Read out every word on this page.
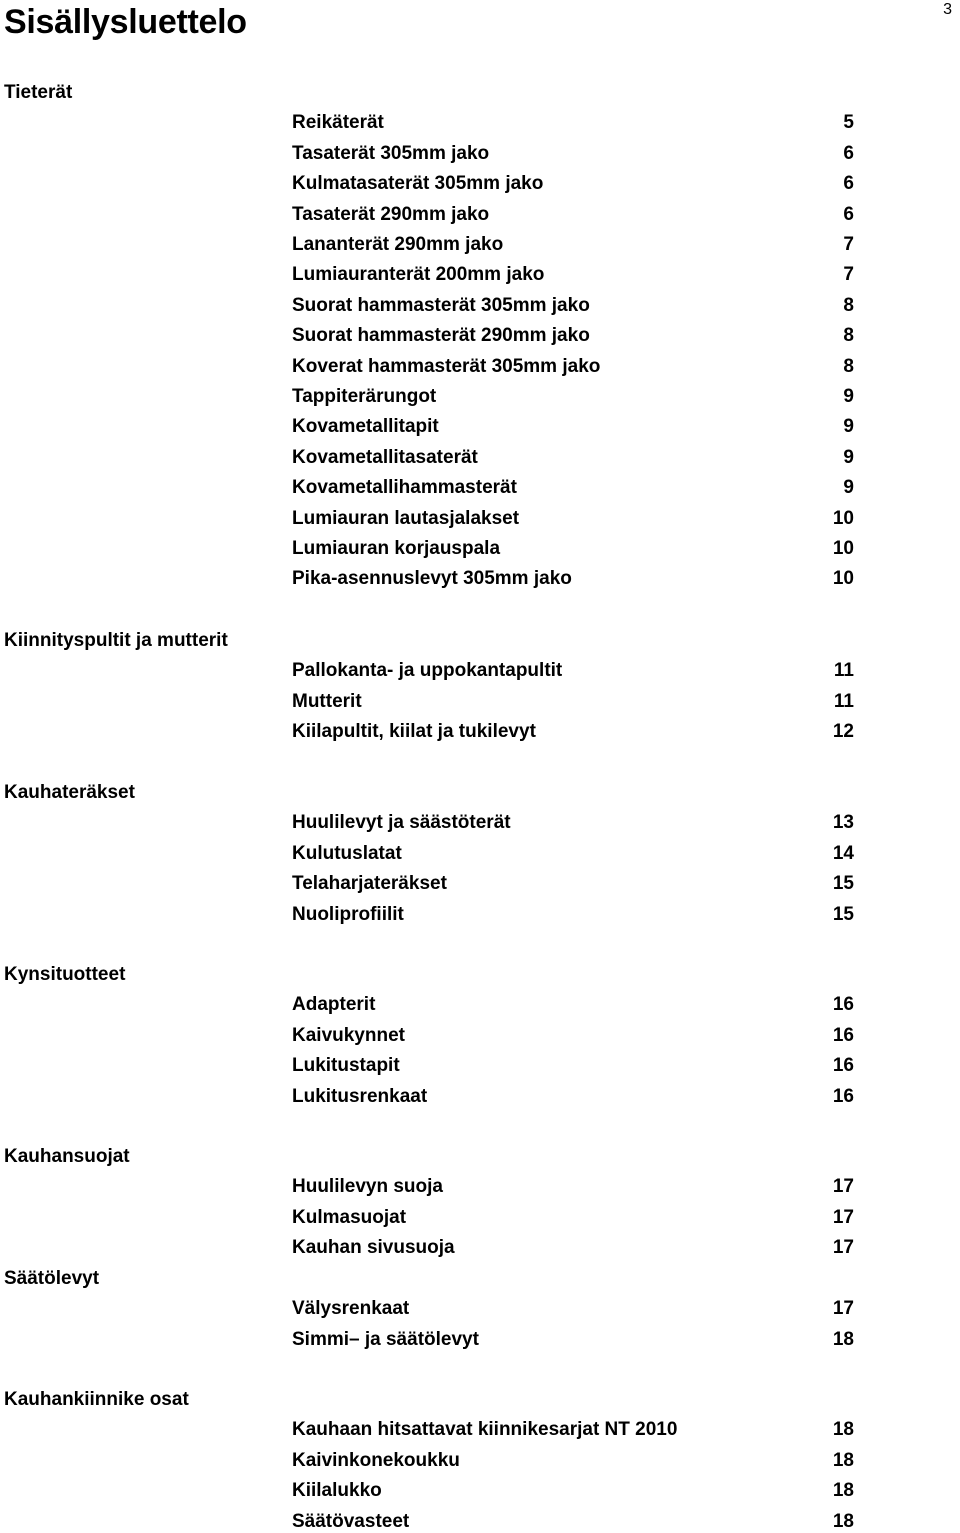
Sisällysluettelo	3
Tieterät
Reikäterät	5
Tasaterät 305mm jako	6
Kulmatasaterät 305mm jako	6
Tasaterät 290mm jako	6
Lananterät 290mm jako	7
Lumiauranterät 200mm jako	7
Suorat hammasterät 305mm jako	8
Suorat hammasterät 290mm jako	8
Koverat hammasterät 305mm jako	8
Tappiterärungot	9
Kovametallitapit	9
Kovametallitasaterät	9
Kovametallihammasterät	9
Lumiauran lautasjalakset	10
Lumiauran korjauspala	10
Pika-asennuslevyt 305mm jako	10
Kiinnityspultit ja mutterit
Pallokanta- ja uppokantapultit	11
Mutterit	11
Kiilapultit, kiilat ja tukilevyt	12
Kauhateräkset
Huulilevyt ja säästöterät	13
Kulutuslatat	14
Telaharjateräkset	15
Nuoliprofiilit	15
Kynsituotteet
Adapterit	16
Kaivukynnet	16
Lukitustapit	16
Lukitusrenkaat	16
Kauhansuojat
Huulilevyn suoja	17
Kulmasuojat	17
Kauhan sivusuoja	17
Säätölevyt
Välysrenkaat	17
Simmi– ja säätölevyt	18
Kauhankiinnike osat
Kauhaan hitsattavat kiinnikesarjat NT 2010	18
Kaivinkonekoukku	18
Kiilalukko	18
Säätövasteet	18
